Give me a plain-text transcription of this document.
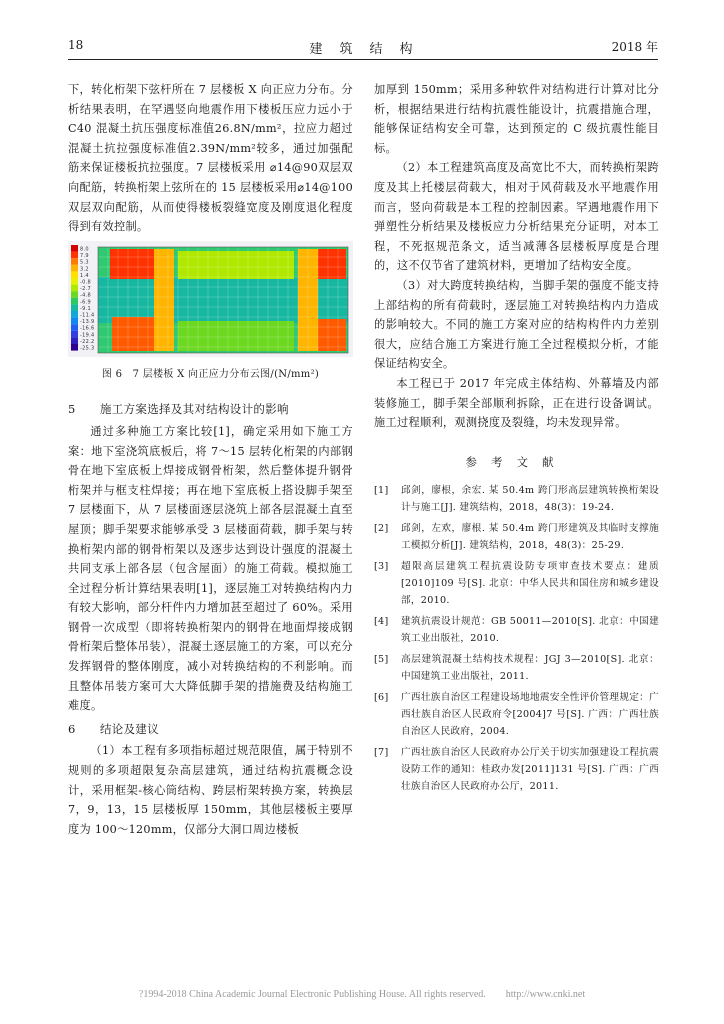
18	建　筑　结　构	2018 年

下，转化桁架下弦杆所在 7 层楼板 X 向正应力分布。分析结果表明，在罕遇竖向地震作用下楼板压应力远小于 C40 混凝土抗压强度标准值26.8N/mm²，拉应力超过混凝土抗拉强度标准值2.39N/mm²较多，通过加强配筋来保证楼板抗拉强度。7 层楼板采用 ⌀14@90双层双向配筋，转换桁架上弦所在的 15 层楼板采用⌀14@100 双层双向配筋，从而使得楼板裂缝宽度及刚度退化程度得到有效控制。

8.0
7.9
5.3
3.2
1.4
-0.8
-2.7
-4.8
-6.9
-9.1
-11.4
-13.9
-16.6
-19.4
-22.2
-25.3
图 6　7 层楼板 X 向正应力分布云图/(N/mm²)
5 施工方案选择及其对结构设计的影响

通过多种施工方案比较[1]，确定采用如下施工方案：地下室浇筑底板后，将 7～15 层转化桁架的内部钢骨在地下室底板上焊接成钢骨桁架，然后整体提升钢骨桁架并与框支柱焊接；再在地下室底板上搭设脚手架至 7 层楼面下，从 7 层楼面逐层浇筑上部各层混凝土直至屋顶；脚手架要求能够承受 3 层楼面荷载，脚手架与转换桁架内部的钢骨桁架以及逐步达到设计强度的混凝土共同支承上部各层（包含屋面）的施工荷载。模拟施工全过程分析计算结果表明[1]，逐层施工对转换结构内力有较大影响，部分杆件内力增加甚至超过了 60%。采用钢骨一次成型（即将转换桁架内的钢骨在地面焊接成钢骨桁架后整体吊装），混凝土逐层施工的方案，可以充分发挥钢骨的整体刚度，减小对转换结构的不利影响。而且整体吊装方案可大大降低脚手架的措施费及结构施工难度。

6 结论及建议

（1）本工程有多项指标超过规范限值，属于特别不规则的多项超限复杂高层建筑，通过结构抗震概念设计，采用框架-核心筒结构、跨层桁架转换方案，转换层 7，9，13，15 层楼板厚 150mm，其他层楼板主要厚度为 100～120mm，仅部分大洞口周边楼板

加厚到 150mm；采用多种软件对结构进行计算对比分析，根据结果进行结构抗震性能设计，抗震措施合理，能够保证结构安全可靠，达到预定的 C 级抗震性能目标。

（2）本工程建筑高度及高宽比不大，而转换桁架跨度及其上托楼层荷载大，相对于风荷载及水平地震作用而言，竖向荷载是本工程的控制因素。罕遇地震作用下弹塑性分析结果及楼板应力分析结果充分证明，对本工程，不死抠规范条文，适当减薄各层楼板厚度是合理的，这不仅节省了建筑材料，更增加了结构安全度。

（3）对大跨度转换结构，当脚手架的强度不能支持上部结构的所有荷载时，逐层施工对转换结构内力造成的影响较大。不同的施工方案对应的结构构件内力差别很大，应结合施工方案进行施工全过程模拟分析，才能保证结构安全。

本工程已于 2017 年完成主体结构、外幕墙及内部装修施工，脚手架全部顺利拆除，正在进行设备调试。施工过程顺利，观测挠度及裂缝，均未发现异常。

参考文献
[1]	邱剑，廖根，余宏. 某 50.4m 跨门形高层建筑转换桁架设计与施工[J]. 建筑结构，2018，48(3)：19-24.
[2]	邱剑，左欢，廖根. 某 50.4m 跨门形建筑及其临时支撑施工模拟分析[J]. 建筑结构，2018，48(3)：25-29.
[3]	超限高层建筑工程抗震设防专项审查技术要点：建质[2010]109 号[S]. 北京：中华人民共和国住房和城乡建设部，2010.
[4]	建筑抗震设计规范：GB 50011—2010[S]. 北京：中国建筑工业出版社，2010.
[5]	高层建筑混凝土结构技术规程：JGJ 3—2010[S]. 北京：中国建筑工业出版社，2011.
[6]	广西壮族自治区工程建设场地地震安全性评价管理规定：广西壮族自治区人民政府令[2004]7 号[S]. 广西：广西壮族自治区人民政府，2004.
[7]	广西壮族自治区人民政府办公厅关于切实加强建设工程抗震设防工作的通知：桂政办发[2011]131 号[S]. 广西：广西壮族自治区人民政府办公厅，2011.
?1994-2018 China Academic Journal Electronic Publishing House. All rights reserved.　　http://www.cnki.net
